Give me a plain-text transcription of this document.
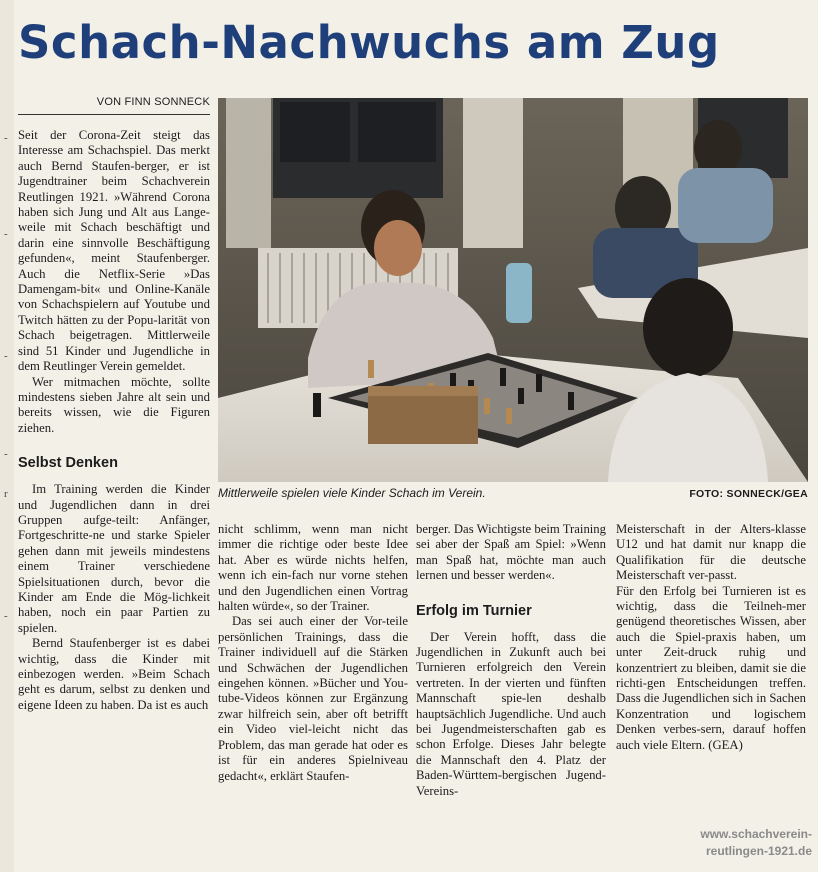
Schach-Nachwuchs am Zug
VON FINN SONNECK
-
-
-
-
-
r

Seit der Corona-Zeit steigt das Interesse am Schachspiel. Das merkt auch Bernd Staufen-berger, er ist Jugendtrainer beim Schachverein Reutlingen 1921. »Während Corona haben sich Jung und Alt aus Lange-weile mit Schach beschäftigt und darin eine sinnvolle Beschäftigung gefunden«, meint Staufenberger. Auch die Netflix-Serie »Das Damengam-bit« und Online-Kanäle von Schachspielern auf Youtube und Twitch hätten zu der Popu-larität von Schach beigetragen. Mittlerweile sind 51 Kinder und Jugendliche in dem Reutlinger Verein gemeldet.

Wer mitmachen möchte, sollte mindestens sieben Jahre alt sein und bereits wissen, wie die Figuren ziehen.

Selbst Denken

Im Training werden die Kinder und Jugendlichen dann in drei Gruppen aufge-teilt: Anfänger, Fortgeschritte-ne und starke Spieler gehen dann mit jeweils mindestens einem Trainer verschiedene Spielsituationen durch, bevor die Kinder am Ende die Mög-lichkeit haben, noch ein paar Partien zu spielen.

Bernd Staufenberger ist es dabei wichtig, dass die Kinder mit einbezogen werden. »Beim Schach geht es darum, selbst zu denken und eigene Ideen zu haben. Da ist es auch

Mittlerweile spielen viele Kinder Schach im Verein.	FOTO: SONNECK/GEA

nicht schlimm, wenn man nicht immer die richtige oder beste Idee hat. Aber es würde nichts helfen, wenn ich ein-fach nur vorne stehen und den Jugendlichen einen Vortrag halten würde«, so der Trainer.

Das sei auch einer der Vor-teile persönlichen Trainings, dass die Trainer individuell auf die Stärken und Schwächen der Jugendlichen eingehen können. »Bücher und You-tube-Videos können zur Ergänzung zwar hilfreich sein, aber oft betrifft ein Video viel-leicht nicht das Problem, das man gerade hat oder es ist für ein anderes Spielniveau gedacht«, erklärt Staufen-

berger. Das Wichtigste beim Training sei aber der Spaß am Spiel: »Wenn man Spaß hat, möchte man auch lernen und besser werden«.

Erfolg im Turnier

Der Verein hofft, dass die Jugendlichen in Zukunft auch bei Turnieren erfolgreich den Verein vertreten. In der vierten und fünften Mannschaft spie-len deshalb hauptsächlich Jugendliche. Und auch bei Jugendmeisterschaften gab es schon Erfolge. Dieses Jahr belegte die Mannschaft den 4. Platz der Baden-Württem-bergischen Jugend-Vereins-

Meisterschaft in der Alters-klasse U12 und hat damit nur knapp die Qualifikation für die deutsche Meisterschaft ver-passt.

Für den Erfolg bei Turnieren ist es wichtig, dass die Teilneh-mer genügend theoretisches Wissen, aber auch die Spiel-praxis haben, um unter Zeit-druck ruhig und konzentriert zu bleiben, damit sie die richti-gen Entscheidungen treffen. Dass die Jugendlichen sich in Sachen Konzentration und logischem Denken verbes-sern, darauf hoffen auch viele Eltern. (GEA)

www.schachverein-
reutlingen-1921.de
